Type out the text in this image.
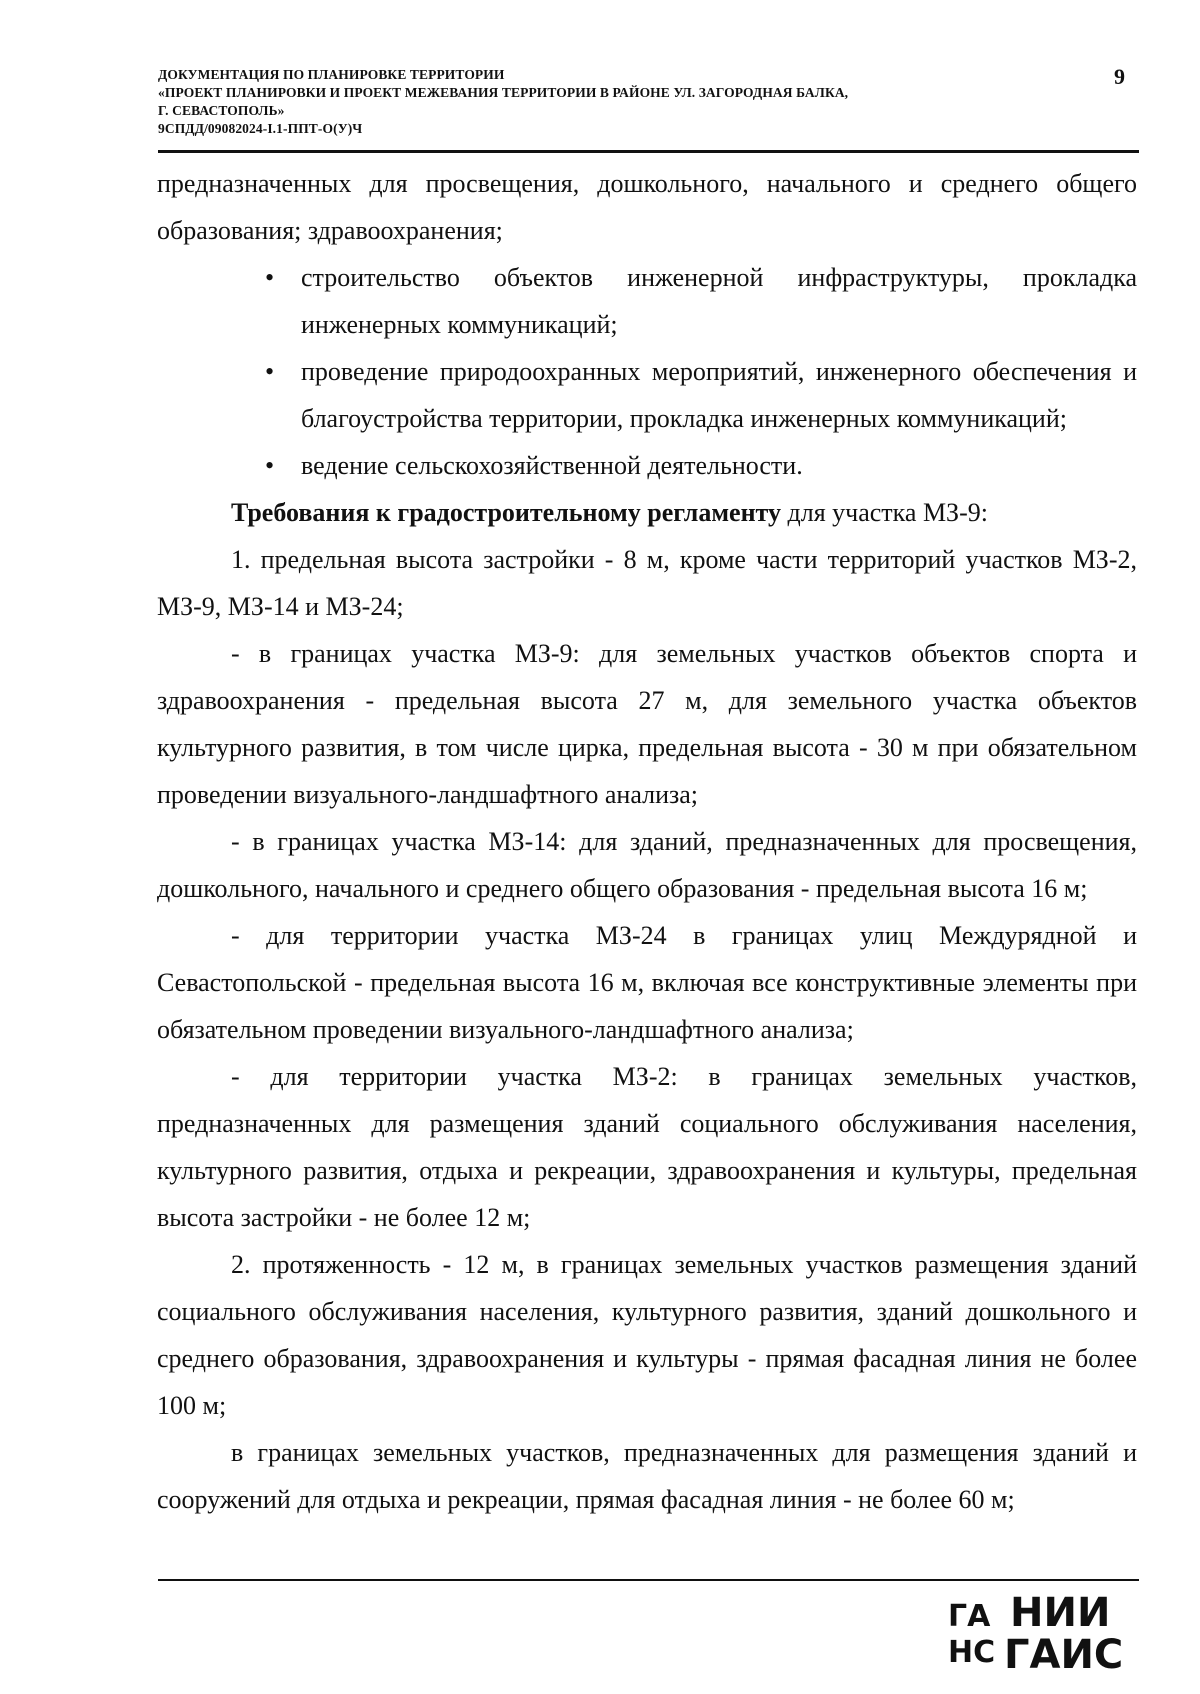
ДОКУМЕНТАЦИЯ ПО ПЛАНИРОВКЕ ТЕРРИТОРИИ
«ПРОЕКТ ПЛАНИРОВКИ И ПРОЕКТ МЕЖЕВАНИЯ ТЕРРИТОРИИ В РАЙОНЕ УЛ. ЗАГОРОДНАЯ БАЛКА,
Г. СЕВАСТОПОЛЬ»
9СПДД/09082024-I.1-ППТ-О(У)Ч
9

предназначенных для просвещения, дошкольного, начального и среднего общего образования; здравоохранения;

•	строительство объектов инженерной инфраструктуры, прокладка инженерных коммуникаций;
•	проведение природоохранных мероприятий, инженерного обеспечения и благоустройства территории, прокладка инженерных коммуникаций;
•	ведение сельскохозяйственной деятельности.

Требования к градостроительному регламенту для участка МЗ-9:

1. предельная высота застройки - 8 м, кроме части территорий участков МЗ-2, МЗ-9, МЗ-14 и МЗ-24;

- в границах участка МЗ-9: для земельных участков объектов спорта и здравоохранения - предельная высота 27 м, для земельного участка объектов культурного развития, в том числе цирка, предельная высота - 30 м при обязательном проведении визуального-ландшафтного анализа;

- в границах участка МЗ-14: для зданий, предназначенных для просвещения, дошкольного, начального и среднего общего образования - предельная высота 16 м;

- для территории участка МЗ-24 в границах улиц Междурядной и Севастопольской - предельная высота 16 м, включая все конструктивные элементы при обязательном проведении визуального-ландшафтного анализа;

- для территории участка МЗ-2: в границах земельных участков, предназначенных для размещения зданий социального обслуживания населения, культурного развития, отдыха и рекреации, здравоохранения и культуры, предельная высота застройки - не более 12 м;

2. протяженность - 12 м, в границах земельных участков размещения зданий социального обслуживания населения, культурного развития, зданий дошкольного и среднего образования, здравоохранения и культуры - прямая фасадная линия не более 100 м;

в границах земельных участков, предназначенных для размещения зданий и сооружений для отдыха и рекреации, прямая фасадная линия - не более 60 м;

ГА
НС
НИИ
ГАИС
